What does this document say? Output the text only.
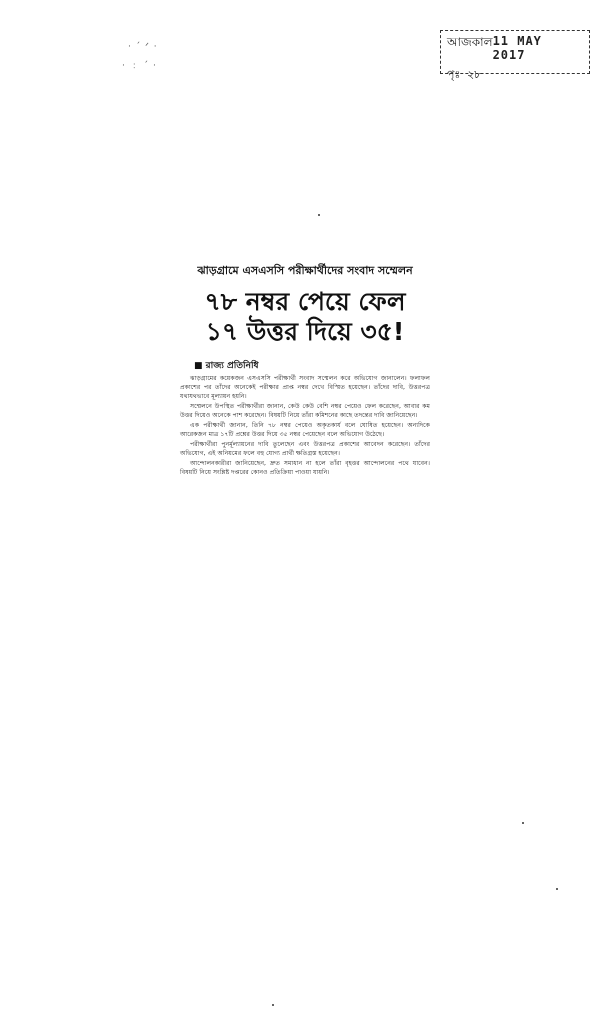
· ˊ ᐟ ·
· ﹕ ˊ ·
আজকাল 11 MAY 2017
পৃঃ ২৮
ঝাড়গ্রামে এসএসসি পরীক্ষার্থীদের সংবাদ সম্মেলন
৭৮ নম্বর পেয়ে ফেল
১৭ উত্তর দিয়ে ৩৫!
■ রাজ্য প্রতিনিধি

ঝাড়গ্রামের কয়েকজন এসএসসি পরীক্ষার্থী সংবাদ সম্মেলন করে অভিযোগ জানালেন। ফলাফল প্রকাশের পর তাঁদের অনেকেই পরীক্ষার প্রাপ্ত নম্বর দেখে বিস্মিত হয়েছেন। তাঁদের দাবি, উত্তরপত্র যথাযথভাবে মূল্যায়ন হয়নি।

সম্মেলনে উপস্থিত পরীক্ষার্থীরা জানান, কেউ কেউ বেশি নম্বর পেয়েও ফেল করেছেন, আবার কম উত্তর দিয়েও অনেকে পাশ করেছেন। বিষয়টি নিয়ে তাঁরা কমিশনের কাছে তদন্তের দাবি জানিয়েছেন।

এক পরীক্ষার্থী জানান, তিনি ৭৮ নম্বর পেয়েও অকৃতকার্য বলে ঘোষিত হয়েছেন। অন্যদিকে আরেকজন মাত্র ১৭টি প্রশ্নের উত্তর দিয়ে ৩৫ নম্বর পেয়েছেন বলে অভিযোগ উঠেছে।

পরীক্ষার্থীরা পুনর্মূল্যায়নের দাবি তুলেছেন এবং উত্তরপত্র প্রকাশের আবেদন করেছেন। তাঁদের অভিযোগ, এই অনিয়মের ফলে বহু যোগ্য প্রার্থী ক্ষতিগ্রস্ত হয়েছেন।

আন্দোলনকারীরা জানিয়েছেন, দ্রুত সমাধান না হলে তাঁরা বৃহত্তর আন্দোলনের পথে যাবেন। বিষয়টি নিয়ে সংশ্লিষ্ট দপ্তরের কোনও প্রতিক্রিয়া পাওয়া যায়নি।
